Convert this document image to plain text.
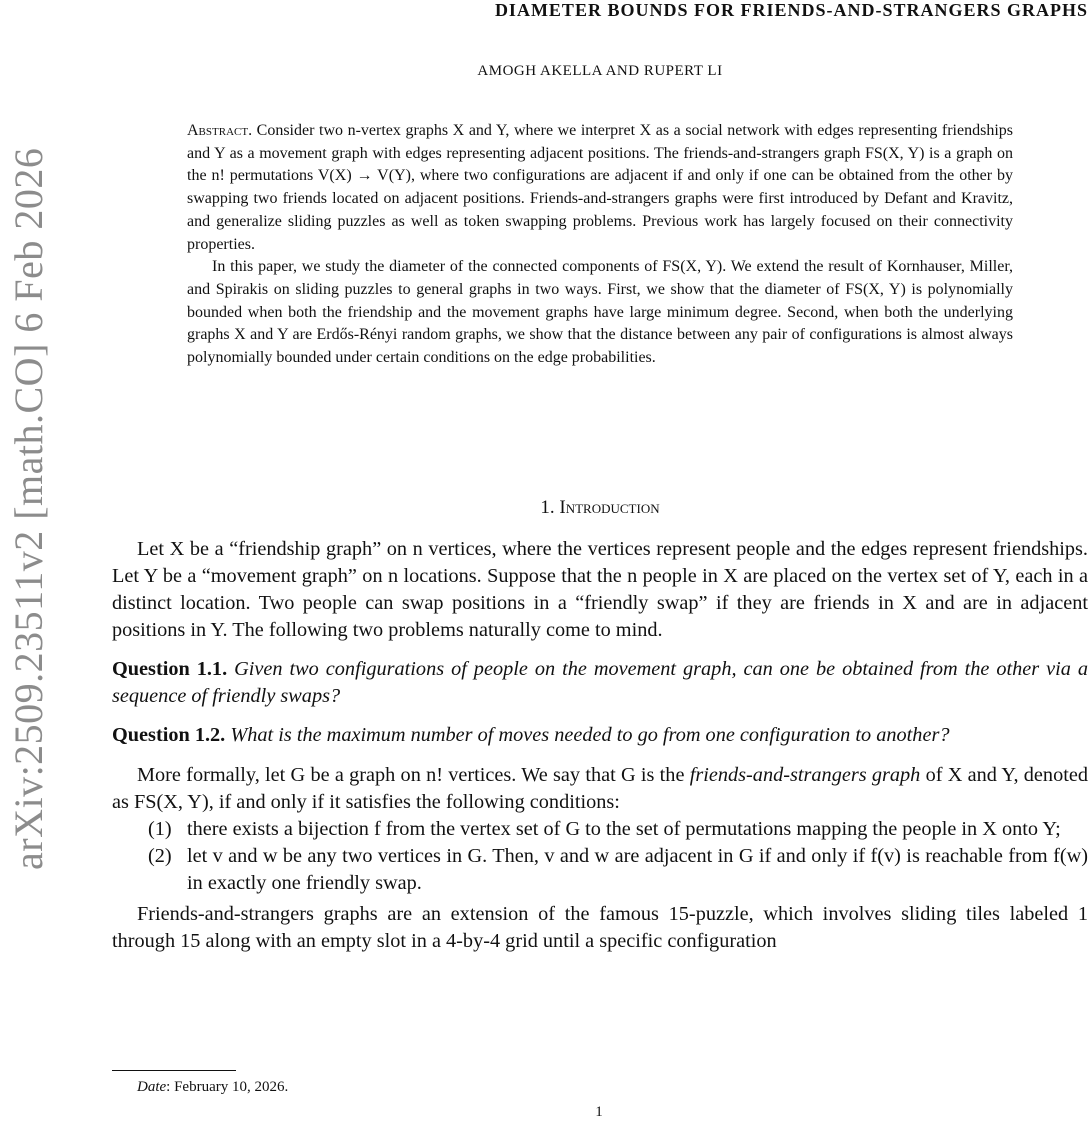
arXiv:2509.23511v2 [math.CO] 6 Feb 2026
DIAMETER BOUNDS FOR FRIENDS-AND-STRANGERS GRAPHS
AMOGH AKELLA AND RUPERT LI

Abstract. Consider two n-vertex graphs X and Y, where we interpret X as a social network with edges representing friendships and Y as a movement graph with edges representing adjacent positions. The friends-and-strangers graph FS(X, Y) is a graph on the n! permutations V(X) → V(Y), where two configurations are adjacent if and only if one can be obtained from the other by swapping two friends located on adjacent positions. Friends-and-strangers graphs were first introduced by Defant and Kravitz, and generalize sliding puzzles as well as token swapping problems. Previous work has largely focused on their connectivity properties.

In this paper, we study the diameter of the connected components of FS(X, Y). We extend the result of Kornhauser, Miller, and Spirakis on sliding puzzles to general graphs in two ways. First, we show that the diameter of FS(X, Y) is polynomially bounded when both the friendship and the movement graphs have large minimum degree. Second, when both the underlying graphs X and Y are Erdős-Rényi random graphs, we show that the distance between any pair of configurations is almost always polynomially bounded under certain conditions on the edge probabilities.

1. Introduction

Let X be a “friendship graph” on n vertices, where the vertices represent people and the edges represent friendships. Let Y be a “movement graph” on n locations. Suppose that the n people in X are placed on the vertex set of Y, each in a distinct location. Two people can swap positions in a “friendly swap” if they are friends in X and are in adjacent positions in Y. The following two problems naturally come to mind.

Question 1.1. Given two configurations of people on the movement graph, can one be obtained from the other via a sequence of friendly swaps?

Question 1.2. What is the maximum number of moves needed to go from one configuration to another?

More formally, let G be a graph on n! vertices. We say that G is the friends-and-strangers graph of X and Y, denoted as FS(X, Y), if and only if it satisfies the following conditions:

(1) there exists a bijection f from the vertex set of G to the set of permutations mapping the people in X onto Y;
(2) let v and w be any two vertices in G. Then, v and w are adjacent in G if and only if f(v) is reachable from f(w) in exactly one friendly swap.

Friends-and-strangers graphs are an extension of the famous 15-puzzle, which involves sliding tiles labeled 1 through 15 along with an empty slot in a 4-by-4 grid until a specific configuration

Date: February 10, 2026.
1
